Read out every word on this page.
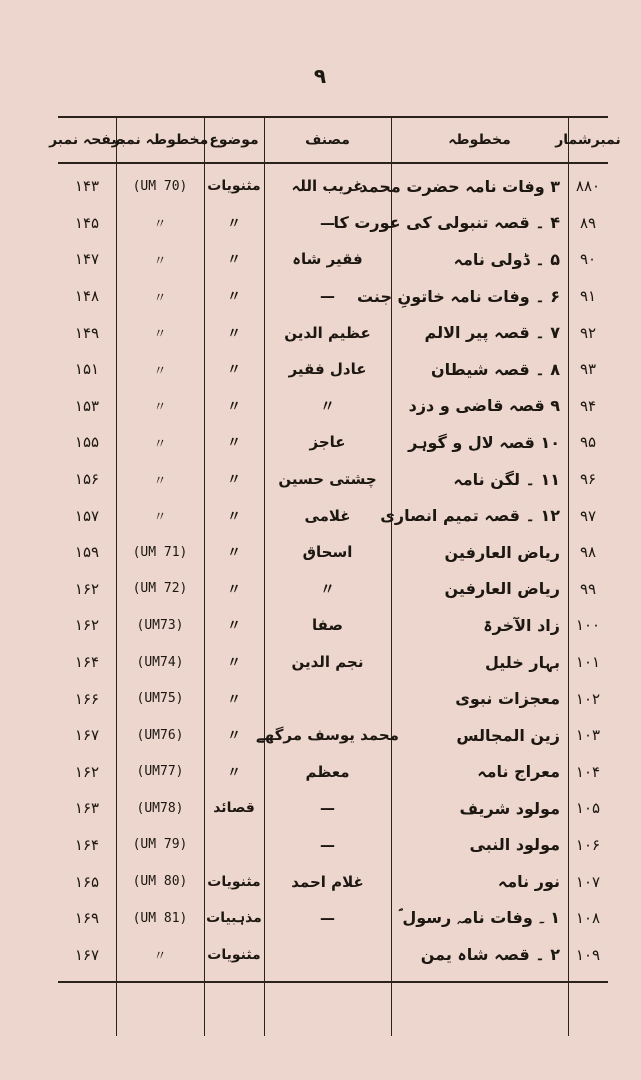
۹
نمبرشمار
مخطوطہ
مصنف
موضوع
مخطوطہ نمبر
صفحہ نمبر
۸۸۰
۳ وفات نامہ حضرت محمد
غریب اللہ
مثنویات
(UM 70)
۱۴۳
۸۹
۴ ۔ قصہ تنبولی کی عورت کا
—
〃
〃
۱۴۵
۹۰
۵ ۔ ڈولی نامہ
فقیر شاہ
〃
〃
۱۴۷
۹۱
۶ ۔ وفات نامہ خاتونِ جنت
—
〃
〃
۱۴۸
۹۲
۷ ۔ قصہ پیر الالم
عظیم الدین
〃
〃
۱۴۹
۹۳
۸ ۔ قصہ شیطان
عادل فقیر
〃
〃
۱۵۱
۹۴
۹ قصہ قاضی و دزد
〃
〃
〃
۱۵۳
۹۵
۱۰ قصہ لال و گوہر
عاجز
〃
〃
۱۵۵
۹۶
۱۱ ۔ لگن نامہ
چشتی حسین
〃
〃
۱۵۶
۹۷
۱۲ ۔ قصہ تمیم انصاری
غلامی
〃
〃
۱۵۷
۹۸
ریاض العارفین
اسحاق
〃
(UM 71)
۱۵۹
۹۹
ریاض العارفین
〃
〃
(UM 72)
۱۶۲
۱۰۰
زاد الآخرۃ
صفا
〃
(UM73)
۱۶۲
۱۰۱
بہار خلیل
نجم الدین
〃
(UM74)
۱۶۴
۱۰۲
معجزات نبوی
〃
(UM75)
۱۶۶
۱۰۳
زین المجالس
محمد یوسف مرگھے
〃
(UM76)
۱۶۷
۱۰۴
معراج نامہ
معظم
〃
(UM77)
۱۶۲
۱۰۵
مولود شریف
—
قصائد
(UM78)
۱۶۳
۱۰۶
مولود النبی
—
(UM 79)
۱۶۴
۱۰۷
نور نامہ
غلام احمد
مثنویات
(UM 80)
۱۶۵
۱۰۸
۱ ۔ وفات نامہ رسول ؐ
—
مذہبیات
(UM 81)
۱۶۹
۱۰۹
۲ ۔ قصہ شاہ یمن
مثنویات
〃
۱۶۷
